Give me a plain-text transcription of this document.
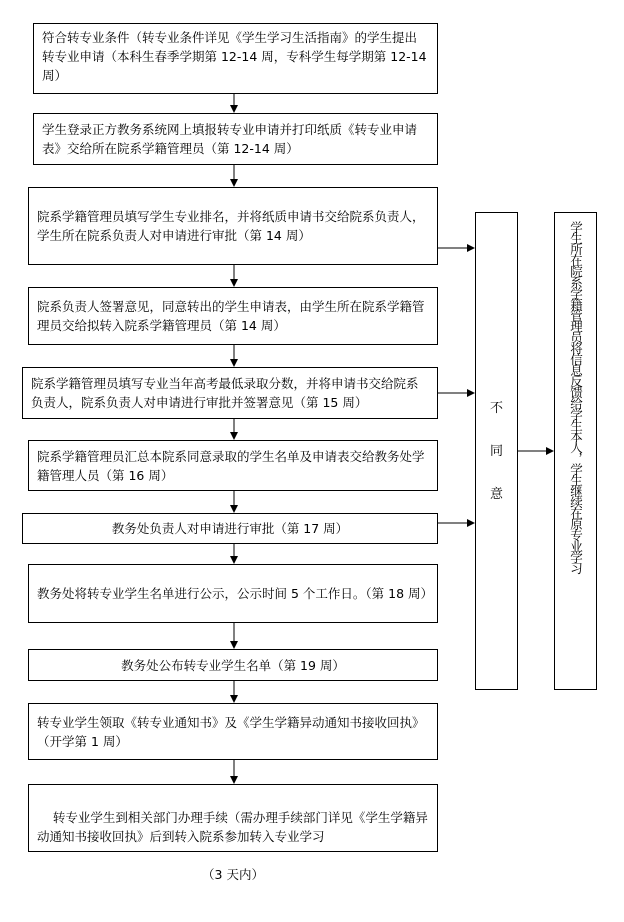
符合转专业条件（转专业条件详见《学生学习生活指南》的学生提出转专业申请（本科生春季学期第 12-14 周，专科学生每学期第 12-14 周）
学生登录正方教务系统网上填报转专业申请并打印纸质《转专业申请表》交给所在院系学籍管理员（第 12-14 周）
院系学籍管理员填写学生专业排名，并将纸质申请书交给院系负责人，学生所在院系负责人对申请进行审批（第 14 周）
院系负责人签署意见，同意转出的学生申请表，由学生所在院系学籍管理员交给拟转入院系学籍管理员（第 14 周）
院系学籍管理员填写专业当年高考最低录取分数，并将申请书交给院系负责人，院系负责人对申请进行审批并签署意见（第 15 周）
院系学籍管理员汇总本院系同意录取的学生名单及申请表交给教务处学籍管理人员（第 16 周）
教务处负责人对申请进行审批（第 17 周）
教务处将转专业学生名单进行公示，公示时间 5 个工作日。（第 18 周）
教务处公布转专业学生名单（第 19 周）
转专业学生领取《转专业通知书》及《学生学籍异动通知书接收回执》          （开学第 1 周）

转专业学生到相关部门办理手续（需办理手续部门详见《学生学籍异动通知书接收回执》后到转入院系参加转入专业学习

（3 天内）

不
同
意	学生所在院系学籍管理员将信息反馈给学生本人，学生继续在原专业学习
